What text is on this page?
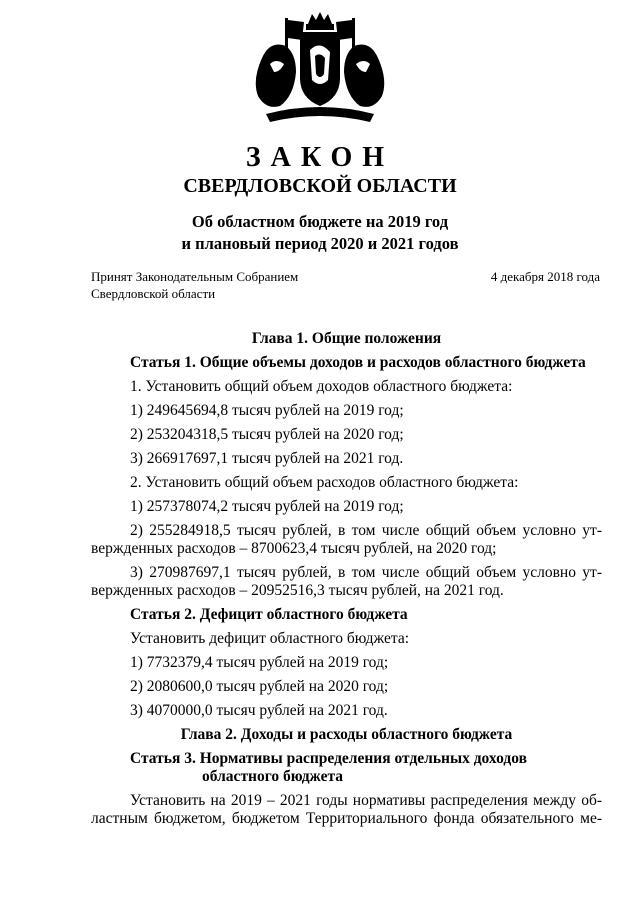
ЗАКОН
СВЕРДЛОВСКОЙ ОБЛАСТИ
Об областном бюджете на 2019 год
и плановый период 2020 и 2021 годов
Принят Законодательным Собранием
Свердловской области
4 декабря 2018 года
Глава 1. Общие положения
Статья 1. Общие объемы доходов и расходов областного бюджета
1. Установить общий объем доходов областного бюджета:
1) 249645694,8 тысяч рублей на 2019 год;
2) 253204318,5 тысяч рублей на 2020 год;
3) 266917697,1 тысяч рублей на 2021 год.
2. Установить общий объем расходов областного бюджета:
1) 257378074,2 тысяч рублей на 2019 год;
2) 255284918,5 тысяч рублей, в том числе общий объем условно ут-
вержденных расходов – 8700623,4 тысяч рублей, на 2020 год;
3) 270987697,1 тысяч рублей, в том числе общий объем условно ут-
вержденных расходов – 20952516,3 тысяч рублей, на 2021 год.
Статья 2. Дефицит областного бюджета
Установить дефицит областного бюджета:
1) 7732379,4 тысяч рублей на 2019 год;
2) 2080600,0 тысяч рублей на 2020 год;
3) 4070000,0 тысяч рублей на 2021 год.
Глава 2. Доходы и расходы областного бюджета
Статья 3. Нормативы распределения отдельных доходов
областного бюджета
Установить на 2019 – 2021 годы нормативы распределения между об-
ластным бюджетом, бюджетом Территориального фонда обязательного ме-
